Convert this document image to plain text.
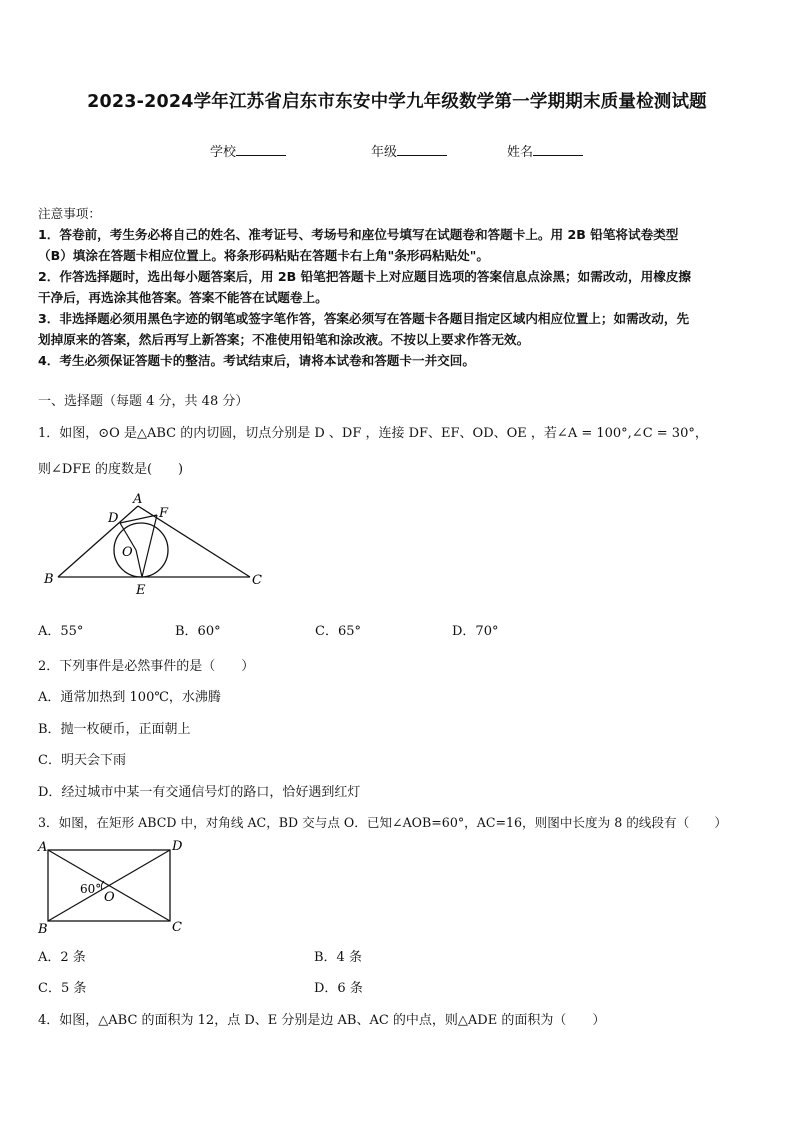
2023-2024学年江苏省启东市东安中学九年级数学第一学期期末质量检测试题
学校	年级	姓名
注意事项：
1．答卷前，考生务必将自己的姓名、准考证号、考场号和座位号填写在试题卷和答题卡上。用 2B 铅笔将试卷类型
（B）填涂在答题卡相应位置上。将条形码粘贴在答题卡右上角"条形码粘贴处"。
2．作答选择题时，选出每小题答案后，用 2B 铅笔把答题卡上对应题目选项的答案信息点涂黑；如需改动，用橡皮擦
干净后，再选涂其他答案。答案不能答在试题卷上。
3．非选择题必须用黑色字迹的钢笔或签字笔作答，答案必须写在答题卡各题目指定区域内相应位置上；如需改动，先
划掉原来的答案，然后再写上新答案；不准使用铅笔和涂改液。不按以上要求作答无效。
4．考生必须保证答题卡的整洁。考试结束后，请将本试卷和答题卡一并交回。
一、选择题（每题 4 分，共 48 分）
1．如图，⊙O 是△ABC 的内切圆，切点分别是 D 、DF ，连接 DF、EF、OD、OE ，若∠A = 100°,∠C = 30°，
则∠DFE 的度数是(　　)
A
B	C
D
E
F
O
A．55°	B．60°	C．65°	D．70°
2．下列事件是必然事件的是（　　）
A．通常加热到 100℃，水沸腾
B．抛一枚硬币，正面朝上
C．明天会下雨
D．经过城市中某一有交通信号灯的路口，恰好遇到红灯
3．如图，在矩形 ABCD 中，对角线 AC，BD 交与点 O．已知∠AOB=60°，AC=16，则图中长度为 8 的线段有（　　）
A	D
B	C
O
60°
A．2 条	B．4 条
C．5 条	D．6 条
4．如图，△ABC 的面积为 12，点 D、E 分别是边 AB、AC 的中点，则△ADE 的面积为（　　）
